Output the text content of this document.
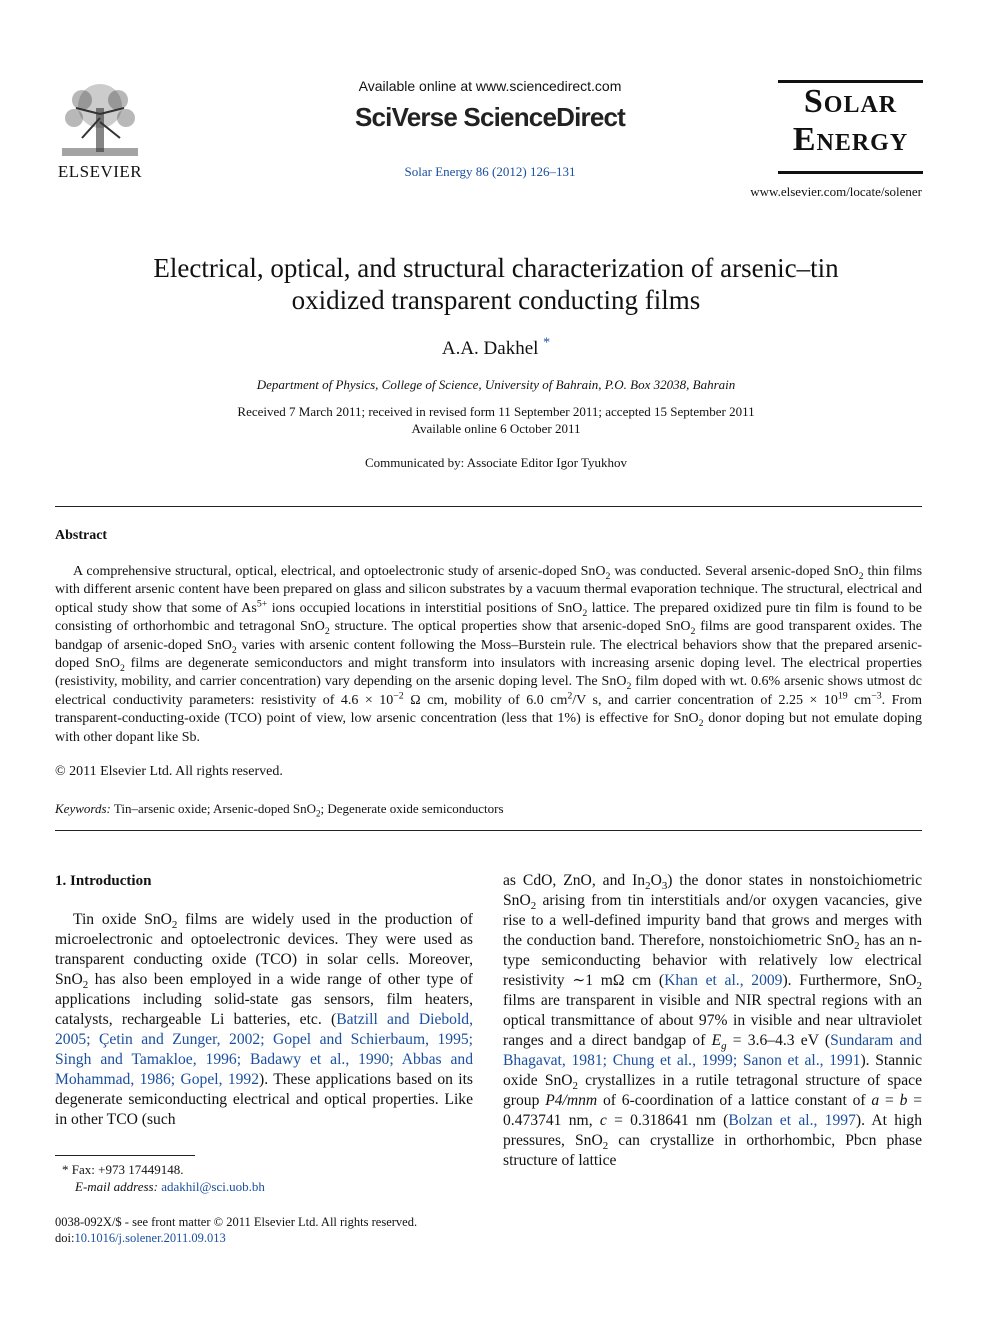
ELSEVIER
Available online at www.sciencedirect.com
SciVerse ScienceDirect
Solar Energy 86 (2012) 126–131
Solar
Energy
www.elsevier.com/locate/solener
Electrical, optical, and structural characterization of arsenic–tin
oxidized transparent conducting films
A.A. Dakhel *
Department of Physics, College of Science, University of Bahrain, P.O. Box 32038, Bahrain
Received 7 March 2011; received in revised form 11 September 2011; accepted 15 September 2011
Available online 6 October 2011
Communicated by: Associate Editor Igor Tyukhov
Abstract
A comprehensive structural, optical, electrical, and optoelectronic study of arsenic-doped SnO$_2$ was conducted. Several arsenic-doped SnO$_2$ thin films with different arsenic content have been prepared on glass and silicon substrates by a vacuum thermal evaporation technique. The structural, electrical and optical study show that some of $As^{5+}$ ions occupied locations in interstitial positions of SnO$_2$ lattice. The prepared oxidized pure tin film is found to be consisting of orthorhombic and tetragonal SnO$_2$ structure. The optical properties show that arsenic-doped SnO$_2$ films are good transparent oxides. The bandgap of arsenic-doped SnO$_2$ varies with arsenic content following the Moss–Burstein rule. The electrical behaviors show that the prepared arsenic-doped SnO$_2$ films are degenerate semiconductors and might transform into insulators with increasing arsenic doping level. The electrical properties (resistivity, mobility, and carrier concentration) vary depending on the arsenic doping level. The SnO$_2$ film doped with wt. 0.6% arsenic shows utmost dc electrical conductivity parameters: resistivity of $4.6 \times 10^{-2}$ Ω cm, mobility of 6.0 $cm^2/V$ s, and carrier concentration of $2.25 \times 10^{19}$ $cm^{-3}$. From transparent-conducting-oxide (TCO) point of view, low arsenic concentration (less that 1%) is effective for SnO$_2$ donor doping but not emulate doping with other dopant like Sb.
© 2011 Elsevier Ltd. All rights reserved.
Keywords: Tin–arsenic oxide; Arsenic-doped SnO$_2$; Degenerate oxide semiconductors
1. Introduction
Tin oxide SnO$_2$ films are widely used in the production of microelectronic and optoelectronic devices. They were used as transparent conducting oxide (TCO) in solar cells. Moreover, SnO$_2$ has also been employed in a wide range of other type of applications including solid-state gas sensors, film heaters, catalysts, rechargeable Li batteries, etc. (Batzill and Diebold, 2005; Çetin and Zunger, 2002; Gopel and Schierbaum, 1995; Singh and Tamakloe, 1996; Badawy et al., 1990; Abbas and Mohammad, 1986; Gopel, 1992). These applications based on its degenerate semiconducting electrical and optical properties. Like in other TCO (such
as CdO, ZnO, and $In_2O_3$) the donor states in nonstoichiometric SnO$_2$ arising from tin interstitials and/or oxygen vacancies, give rise to a well-defined impurity band that grows and merges with the conduction band. Therefore, nonstoichiometric SnO$_2$ has an n-type semiconducting behavior with relatively low electrical resistivity ∼1 mΩ cm (Khan et al., 2009). Furthermore, SnO$_2$ films are transparent in visible and NIR spectral regions with an optical transmittance of about 97% in visible and near ultraviolet ranges and a direct bandgap of $E_g = 3.6-4.3$ eV (Sundaram and Bhagavat, 1981; Chung et al., 1999; Sanon et al., 1991). Stannic oxide SnO$_2$ crystallizes in a rutile tetragonal structure of space group P4/mnm of 6-coordination of a lattice constant of a = b = 0.473741 nm, c = 0.318641 nm (Bolzan et al., 1997). At high pressures, SnO$_2$ can crystallize in orthorhombic, Pbcn phase structure of lattice
* Fax: +973 17449148.
E-mail address: adakhil@sci.uob.bh
0038-092X/$ - see front matter © 2011 Elsevier Ltd. All rights reserved.
doi:10.1016/j.solener.2011.09.013
